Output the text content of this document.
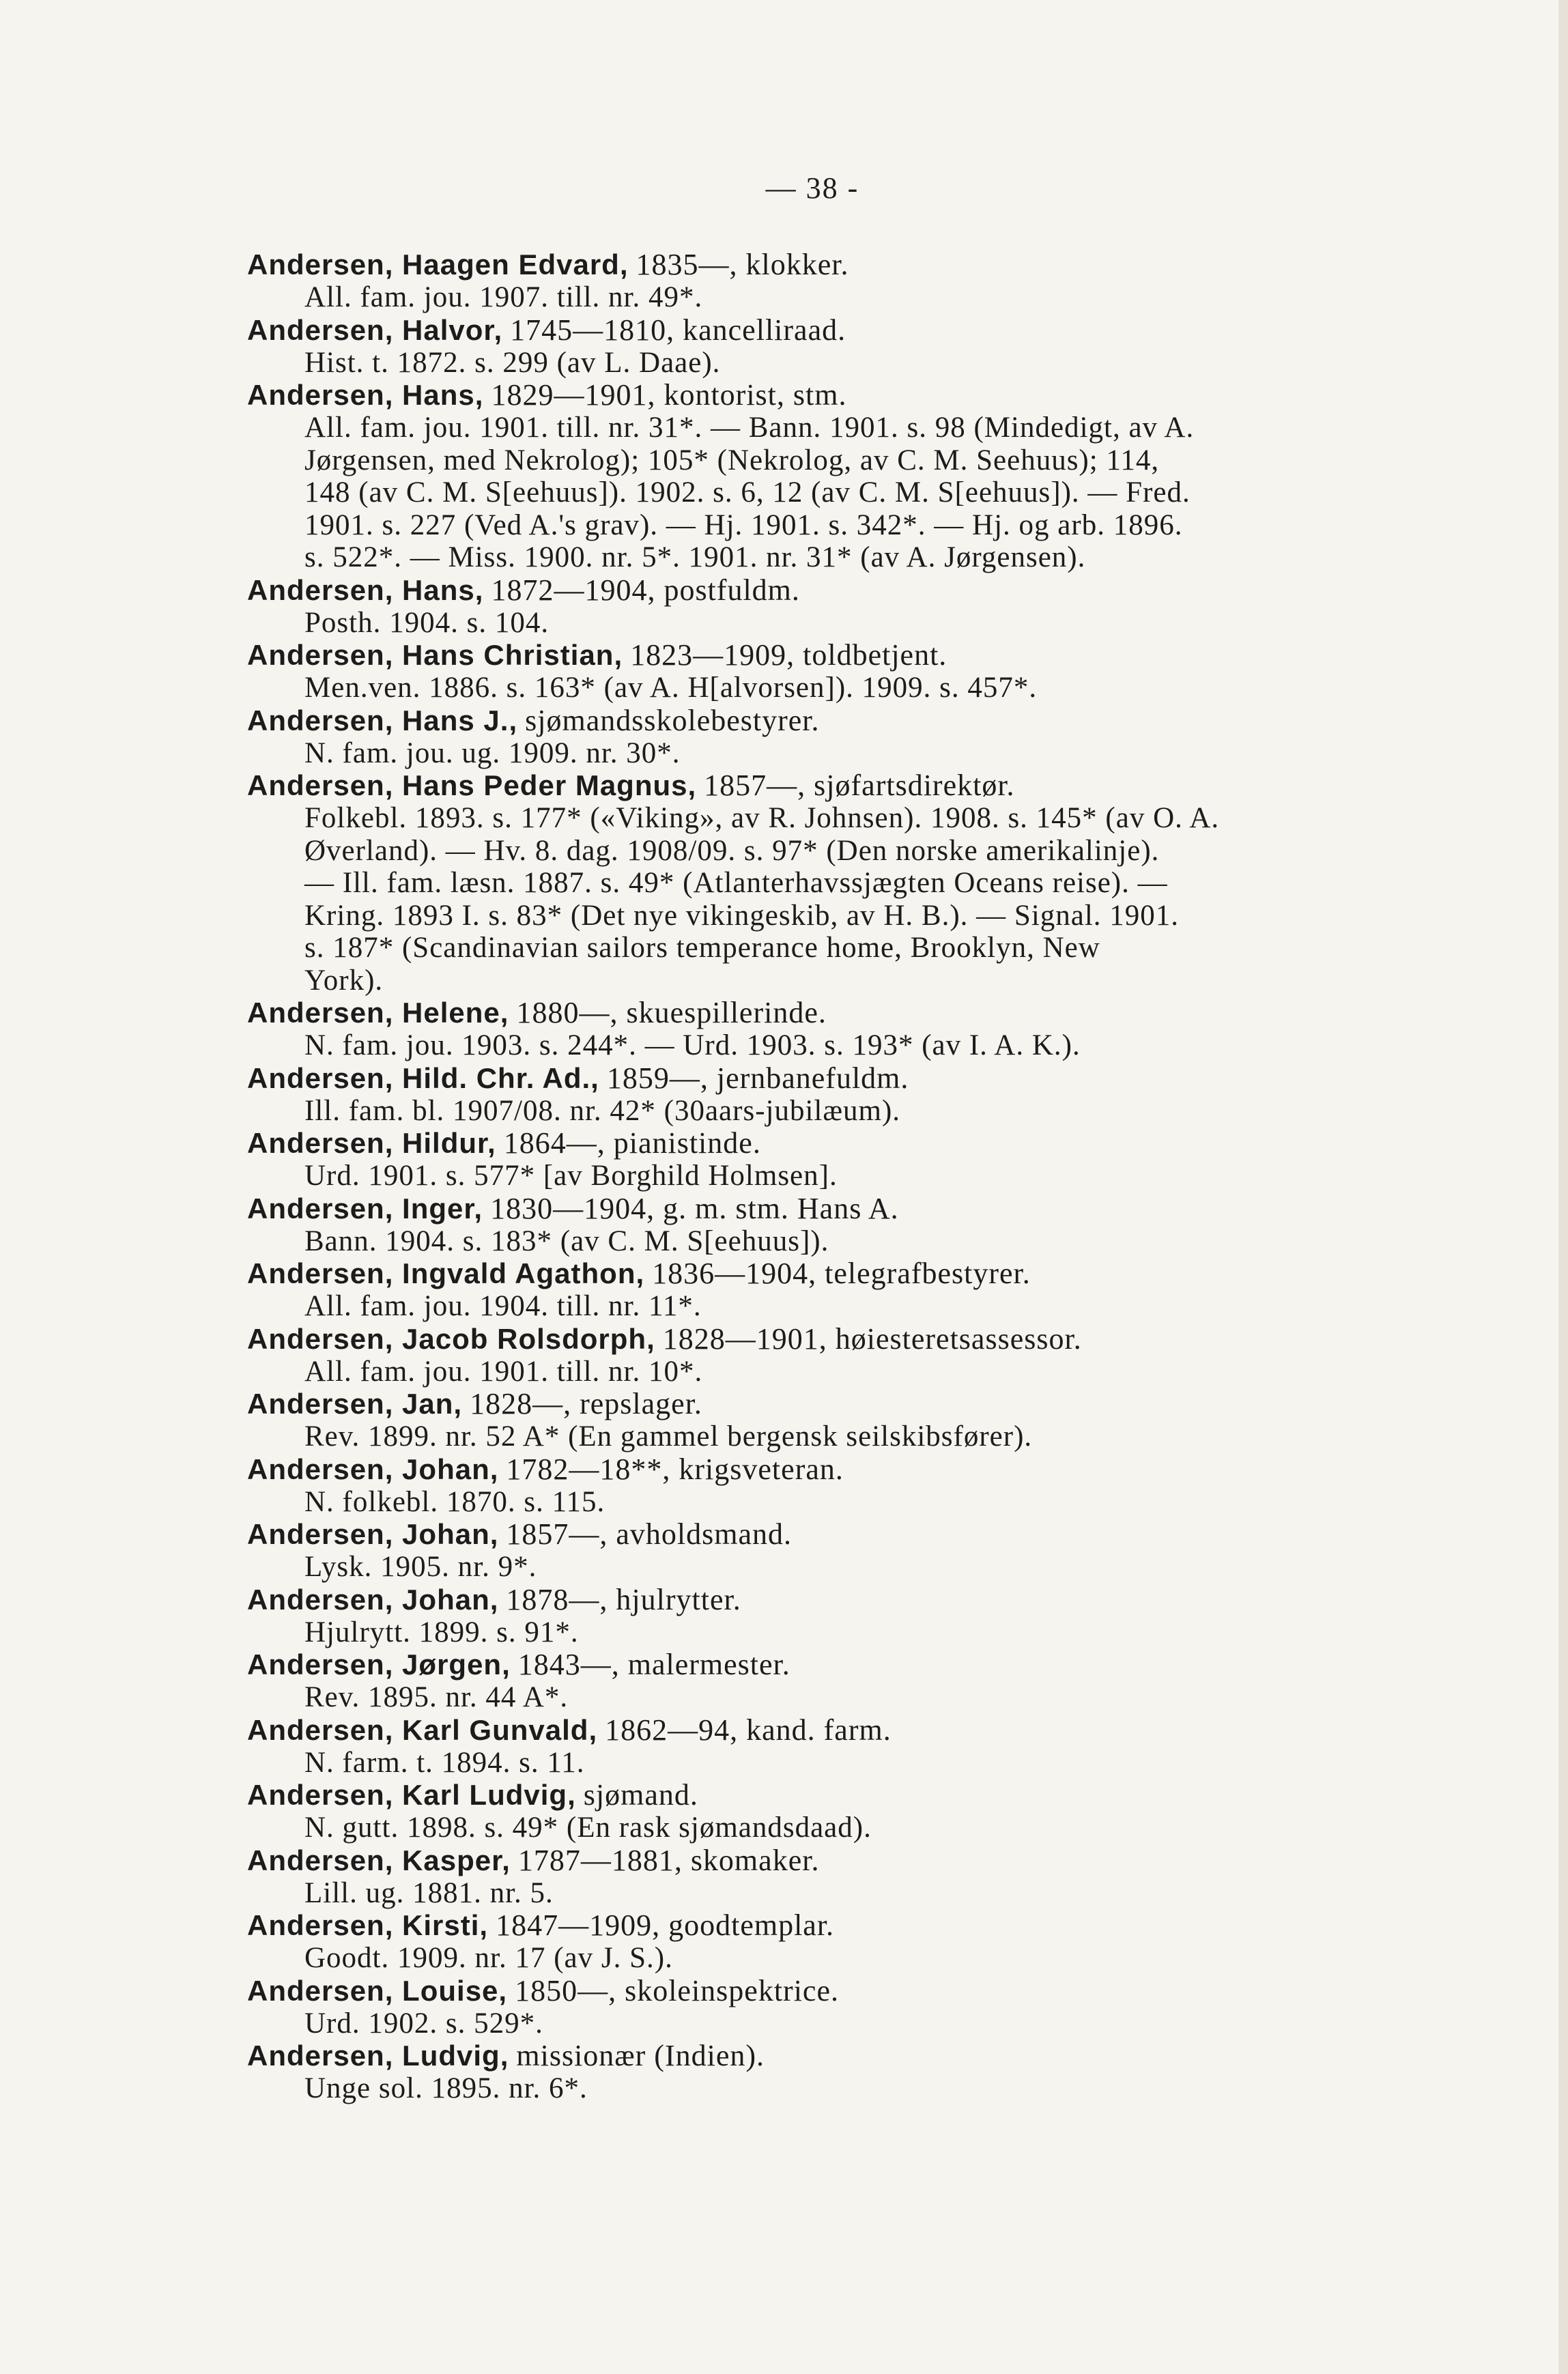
— 38 -
Andersen, Haagen Edvard, 1835—, klokker.
All. fam. jou. 1907. till. nr. 49*.
Andersen, Halvor, 1745—1810, kancelliraad.
Hist. t. 1872. s. 299 (av L. Daae).
Andersen, Hans, 1829—1901, kontorist, stm.
All. fam. jou. 1901. till. nr. 31*. — Bann. 1901. s. 98 (Mindedigt, av A.
Jørgensen, med Nekrolog); 105* (Nekrolog, av C. M. Seehuus); 114,
148 (av C. M. S[eehuus]). 1902. s. 6, 12 (av C. M. S[eehuus]). — Fred.
1901. s. 227 (Ved A.'s grav). — Hj. 1901. s. 342*. — Hj. og arb. 1896.
s. 522*. — Miss. 1900. nr. 5*. 1901. nr. 31* (av A. Jørgensen).
Andersen, Hans, 1872—1904, postfuldm.
Posth. 1904. s. 104.
Andersen, Hans Christian, 1823—1909, toldbetjent.
Men.ven. 1886. s. 163* (av A. H[alvorsen]). 1909. s. 457*.
Andersen, Hans J., sjømandsskolebestyrer.
N. fam. jou. ug. 1909. nr. 30*.
Andersen, Hans Peder Magnus, 1857—, sjøfartsdirektør.
Folkebl. 1893. s. 177* («Viking», av R. Johnsen). 1908. s. 145* (av O. A.
Øverland). — Hv. 8. dag. 1908/09. s. 97* (Den norske amerikalinje).
— Ill. fam. læsn. 1887. s. 49* (Atlanterhavssjægten Oceans reise). —
Kring. 1893 I. s. 83* (Det nye vikingeskib, av H. B.). — Signal. 1901.
s. 187* (Scandinavian sailors temperance home, Brooklyn, New
York).
Andersen, Helene, 1880—, skuespillerinde.
N. fam. jou. 1903. s. 244*. — Urd. 1903. s. 193* (av I. A. K.).
Andersen, Hild. Chr. Ad., 1859—, jernbanefuldm.
Ill. fam. bl. 1907/08. nr. 42* (30aars-jubilæum).
Andersen, Hildur, 1864—, pianistinde.
Urd. 1901. s. 577* [av Borghild Holmsen].
Andersen, Inger, 1830—1904, g. m. stm. Hans A.
Bann. 1904. s. 183* (av C. M. S[eehuus]).
Andersen, Ingvald Agathon, 1836—1904, telegrafbestyrer.
All. fam. jou. 1904. till. nr. 11*.
Andersen, Jacob Rolsdorph, 1828—1901, høiesteretsassessor.
All. fam. jou. 1901. till. nr. 10*.
Andersen, Jan, 1828—, repslager.
Rev. 1899. nr. 52 A* (En gammel bergensk seilskibsfører).
Andersen, Johan, 1782—18**, krigsveteran.
N. folkebl. 1870. s. 115.
Andersen, Johan, 1857—, avholdsmand.
Lysk. 1905. nr. 9*.
Andersen, Johan, 1878—, hjulrytter.
Hjulrytt. 1899. s. 91*.
Andersen, Jørgen, 1843—, malermester.
Rev. 1895. nr. 44 A*.
Andersen, Karl Gunvald, 1862—94, kand. farm.
N. farm. t. 1894. s. 11.
Andersen, Karl Ludvig, sjømand.
N. gutt. 1898. s. 49* (En rask sjømandsdaad).
Andersen, Kasper, 1787—1881, skomaker.
Lill. ug. 1881. nr. 5.
Andersen, Kirsti, 1847—1909, goodtemplar.
Goodt. 1909. nr. 17 (av J. S.).
Andersen, Louise, 1850—, skoleinspektrice.
Urd. 1902. s. 529*.
Andersen, Ludvig, missionær (Indien).
Unge sol. 1895. nr. 6*.
